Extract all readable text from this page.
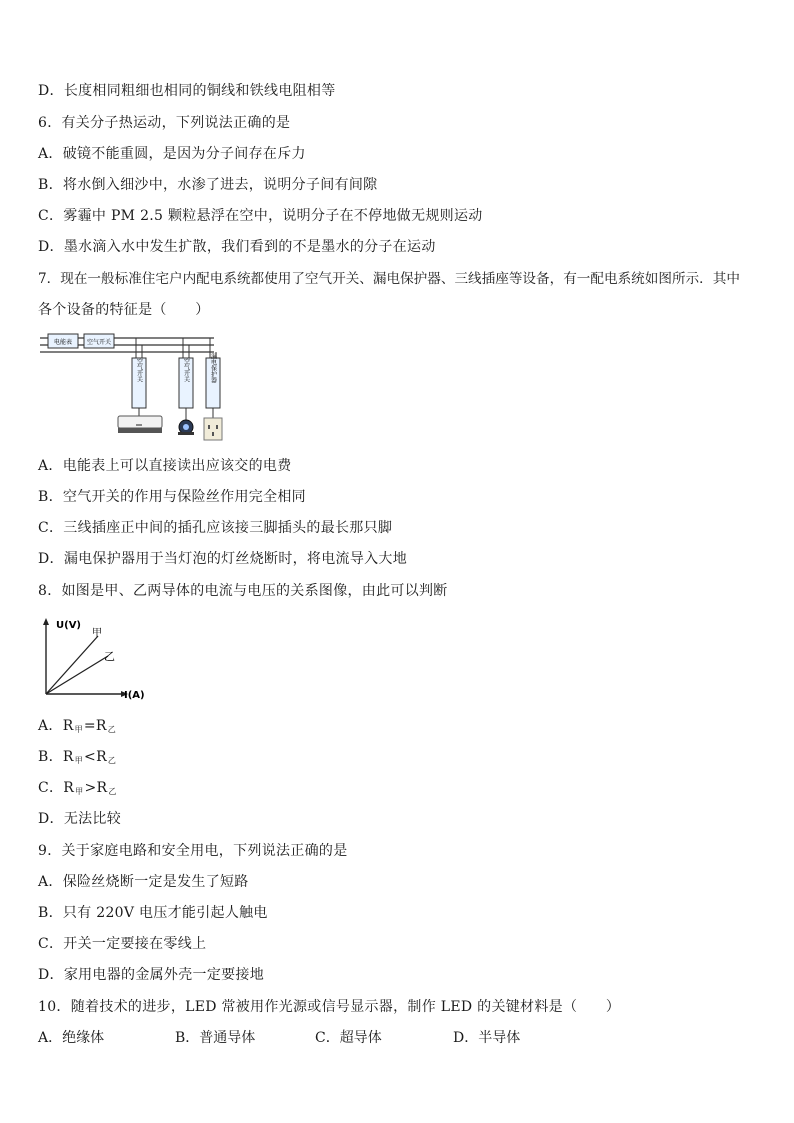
D．长度相同粗细也相同的铜线和铁线电阻相等
6．有关分子热运动，下列说法正确的是
A．破镜不能重圆，是因为分子间存在斥力
B．将水倒入细沙中，水渗了进去，说明分子间有间隙
C．雾霾中 PM 2.5 颗粒悬浮在空中，说明分子在不停地做无规则运动
D．墨水滴入水中发生扩散，我们看到的不是墨水的分子在运动
7．现在一般标准住宅户内配电系统都使用了空气开关、漏电保护器、三线插座等设备，有一配电系统如图所示．其中
各个设备的特征是（　　）
电能表 空气开关
空气开关	空气开关	漏电保护器
A．电能表上可以直接读出应该交的电费
B．空气开关的作用与保险丝作用完全相同
C．三线插座正中间的插孔应该接三脚插头的最长那只脚
D．漏电保护器用于当灯泡的灯丝烧断时，将电流导入大地
8．如图是甲、乙两导体的电流与电压的关系图像，由此可以判断
U(V)
I(A)
甲
乙
A．$R_甲=R_乙$
B．$R_甲<R_乙$
C．$R_甲>R_乙$
D．无法比较
9．关于家庭电路和安全用电，下列说法正确的是
A．保险丝烧断一定是发生了短路
B．只有 220V 电压才能引起人触电
C．开关一定要接在零线上
D．家用电器的金属外壳一定要接地
10．随着技术的进步，LED 常被用作光源或信号显示器，制作 LED 的关键材料是（　　）
A．绝缘体	B．普通导体	C．超导体	D．半导体
